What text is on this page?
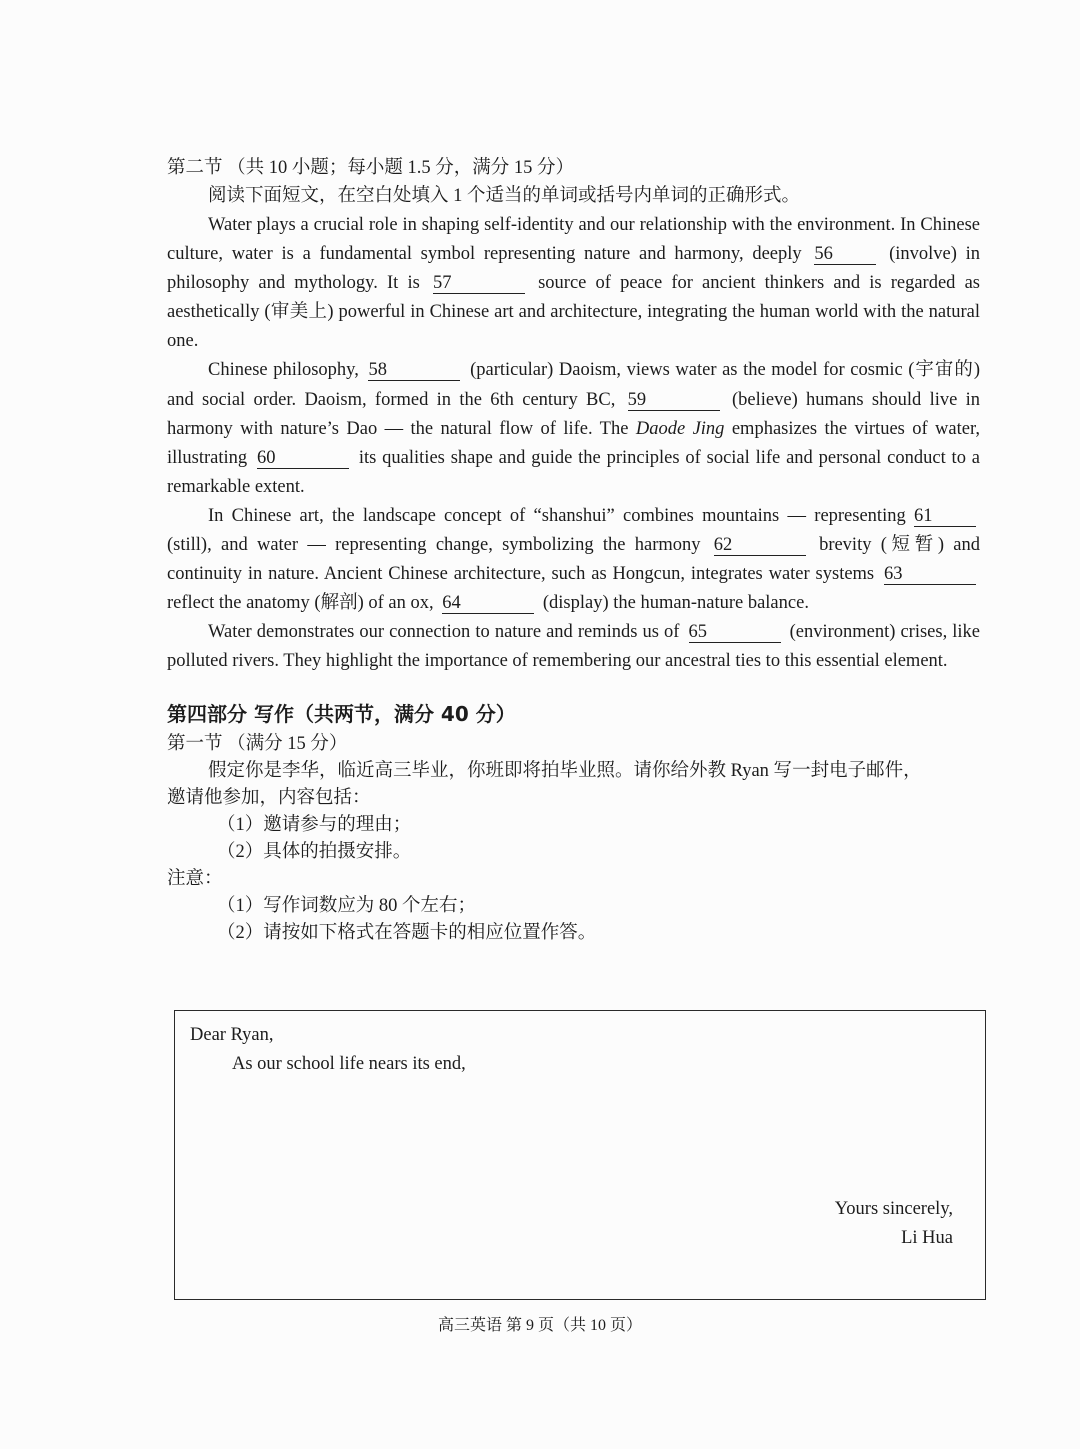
第二节 （共 10 小题；每小题 1.5 分，满分 15 分）
阅读下面短文，在空白处填入 1 个适当的单词或括号内单词的正确形式。
Water plays a crucial role in shaping self-identity and our relationship with the environment. In Chinese culture, water is a fundamental symbol representing nature and harmony, deeply 56	(involve) in philosophy and mythology. It is 57	source of peace for ancient thinkers and is regarded as aesthetically (审美上) powerful in Chinese art and architecture, integrating the human world with the natural one.
Chinese philosophy, 58	(particular) Daoism, views water as the model for cosmic (宇宙的) and social order. Daoism, formed in the 6th century BC, 59	(believe) humans should live in harmony with nature’s Dao — the natural flow of life. The Daode Jing emphasizes the virtues of water, illustrating 60	its qualities shape and guide the principles of social life and personal conduct to a remarkable extent.
In Chinese art, the landscape concept of “shanshui” combines mountains — representing 61 (still), and water — representing change, symbolizing the harmony 62	brevity (短暂) and continuity in nature. Ancient Chinese architecture, such as Hongcun, integrates water systems 63 reflect the anatomy (解剖) of an ox, 64	(display) the human-nature balance.
Water demonstrates our connection to nature and reminds us of 65	(environment) crises, like polluted rivers. They highlight the importance of remembering our ancestral ties to this essential element.
第四部分 写作（共两节，满分 40 分）
第一节 （满分 15 分）
假定你是李华，临近高三毕业，你班即将拍毕业照。请你给外教 Ryan 写一封电子邮件，
邀请他参加，内容包括：
（1）邀请参与的理由；
（2）具体的拍摄安排。
注意：
（1）写作词数应为 80 个左右；
（2）请按如下格式在答题卡的相应位置作答。
Dear Ryan,
As our school life nears its end,
Yours sincerely,
Li Hua
高三英语 第 9 页（共 10 页）
